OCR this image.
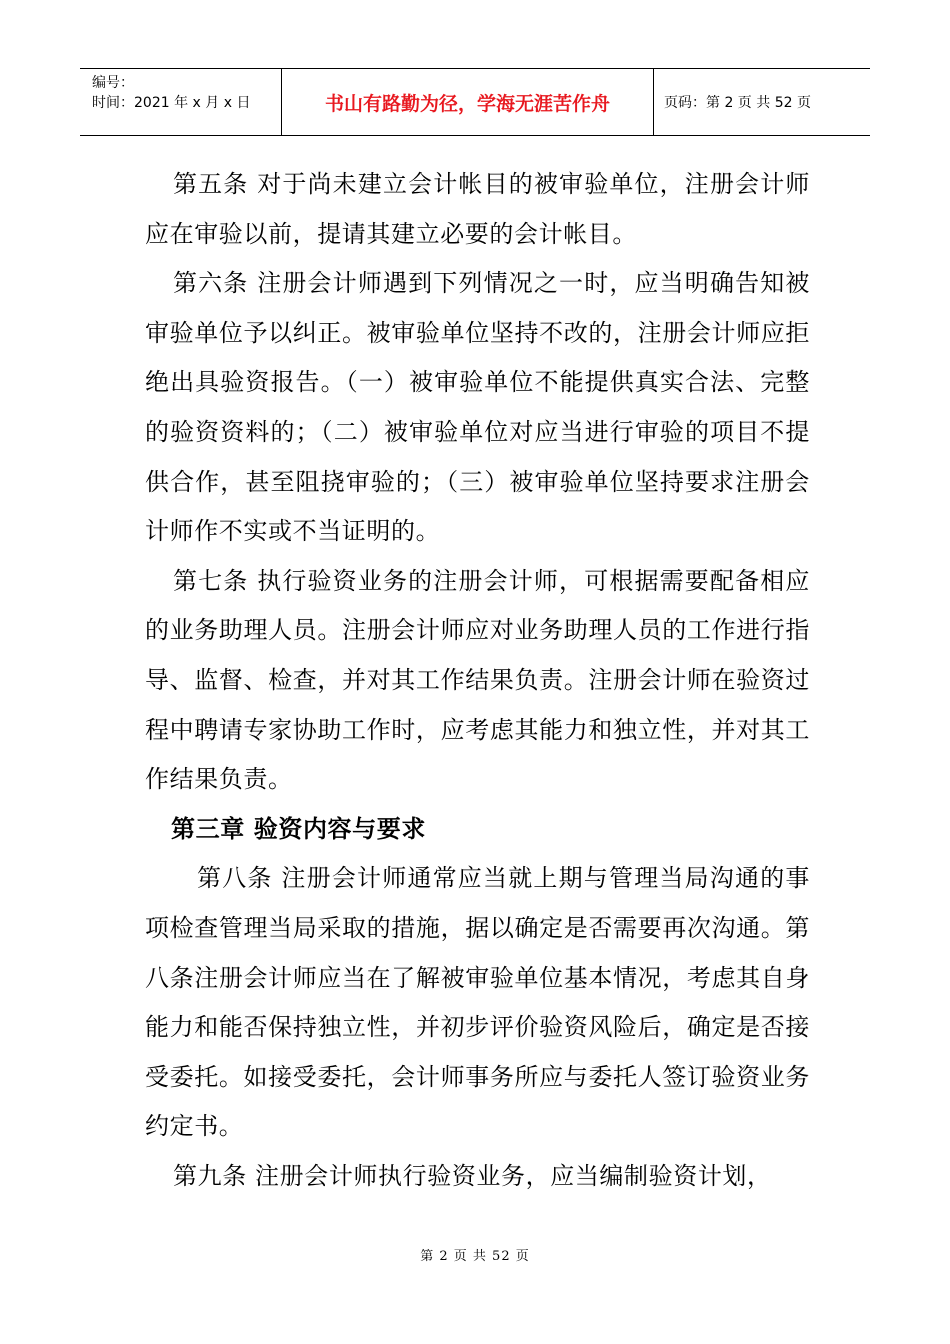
编号：
时间：2021 年 x 月 x 日	书山有路勤为径，学海无涯苦作舟	页码：第 2 页 共 52 页

第五条 对于尚未建立会计帐目的被审验单位，注册会计师应在审验以前，提请其建立必要的会计帐目。

第六条 注册会计师遇到下列情况之一时，应当明确告知被审验单位予以纠正。被审验单位坚持不改的，注册会计师应拒绝出具验资报告。（一）被审验单位不能提供真实合法、完整的验资资料的；（二）被审验单位对应当进行审验的项目不提供合作，甚至阻挠审验的；（三）被审验单位坚持要求注册会计师作不实或不当证明的。

第七条 执行验资业务的注册会计师，可根据需要配备相应的业务助理人员。注册会计师应对业务助理人员的工作进行指导、监督、检查，并对其工作结果负责。注册会计师在验资过程中聘请专家协助工作时，应考虑其能力和独立性，并对其工作结果负责。

第三章 验资内容与要求

第八条 注册会计师通常应当就上期与管理当局沟通的事项检查管理当局采取的措施，据以确定是否需要再次沟通。第八条注册会计师应当在了解被审验单位基本情况，考虑其自身能力和能否保持独立性，并初步评价验资风险后，确定是否接受委托。如接受委托，会计师事务所应与委托人签订验资业务约定书。

第九条 注册会计师执行验资业务，应当编制验资计划，

第 2 页 共 52 页
